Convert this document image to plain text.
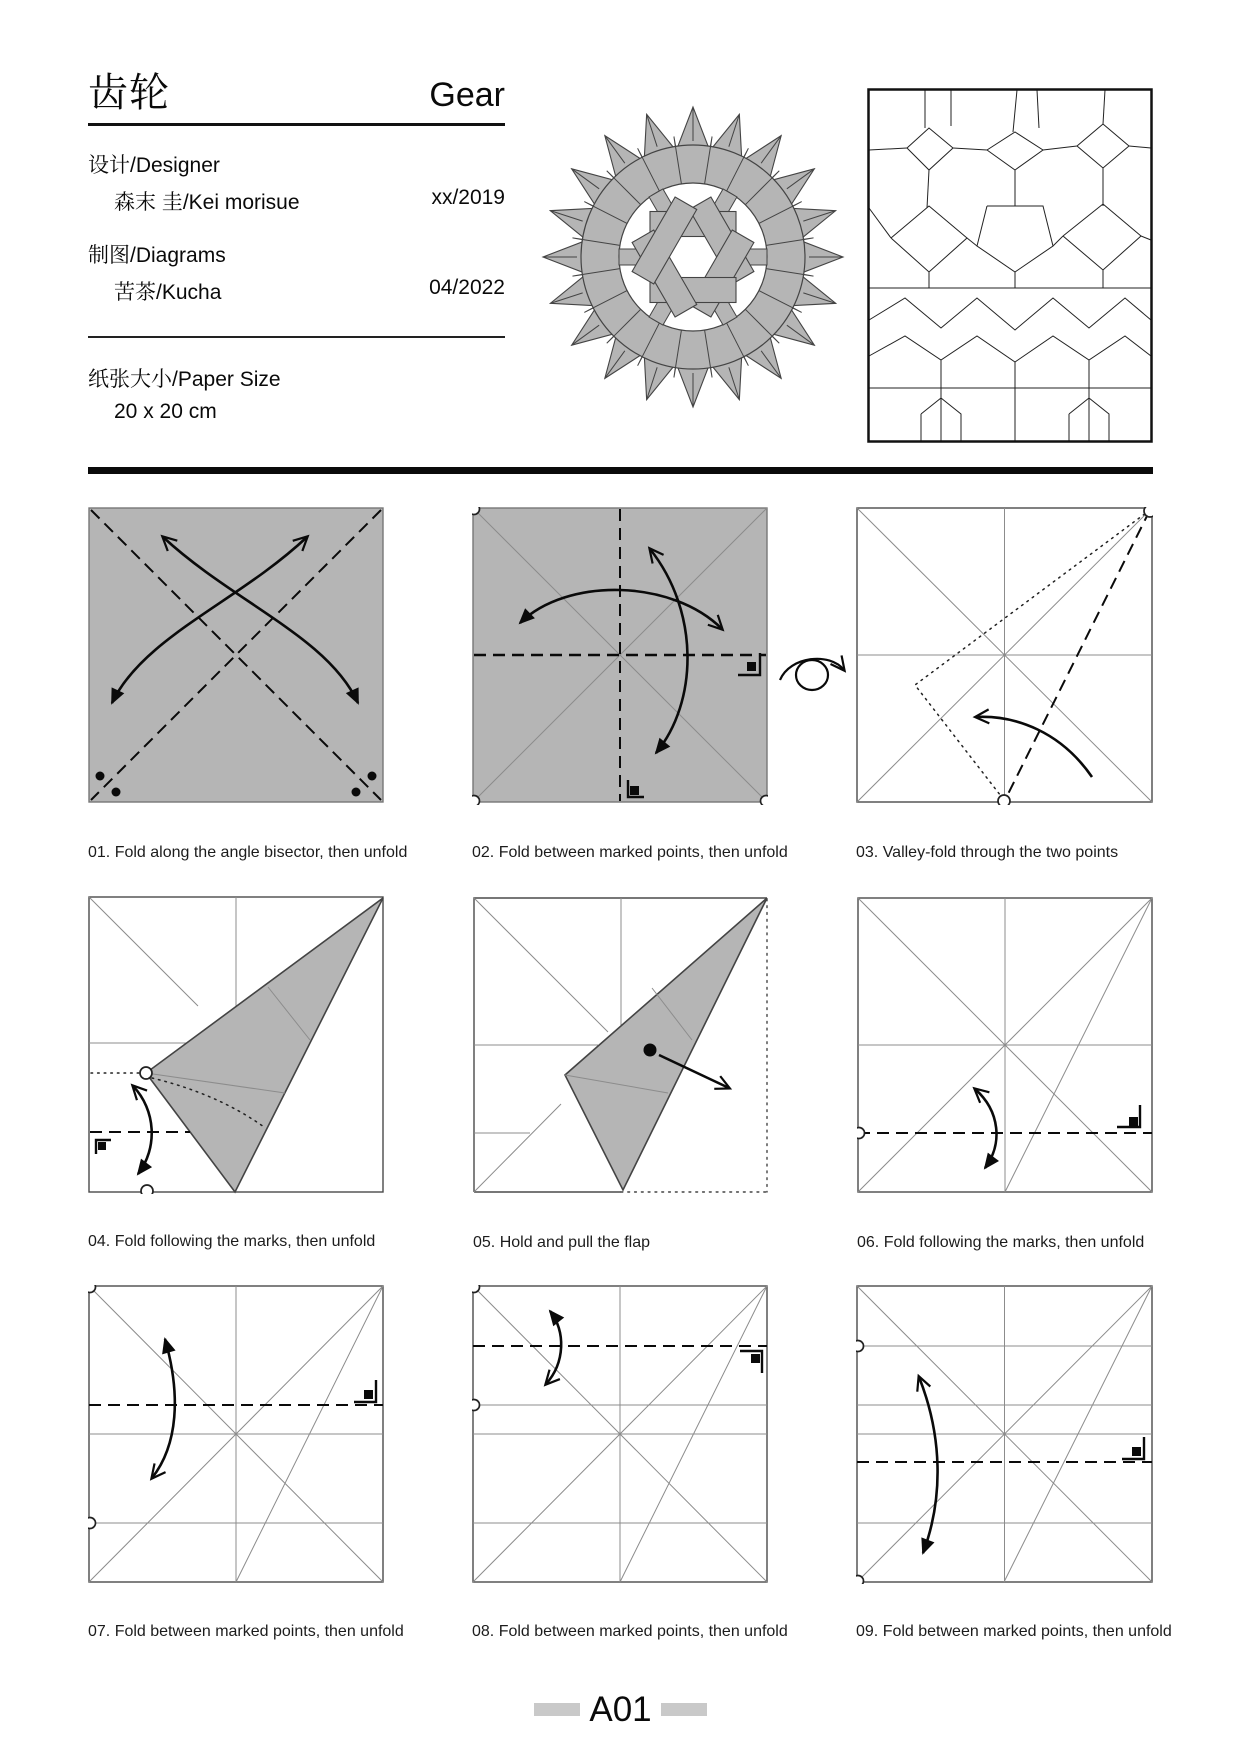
齿轮	Gear
设计/Designer
森末 圭/Kei morisue	xx/2019
制图/Diagrams
苦茶/Kucha	04/2022
纸张大小/Paper Size
20 x 20 cm

01. Fold along the angle bisector, then unfold	02. Fold between marked points, then unfold	03. Valley-fold through the two points

04. Fold following the marks, then unfold	05. Hold and pull the flap	06. Fold following the marks, then unfold

07. Fold between marked points, then unfold	08. Fold between marked points, then unfold	09. Fold between marked points, then unfold

A01
